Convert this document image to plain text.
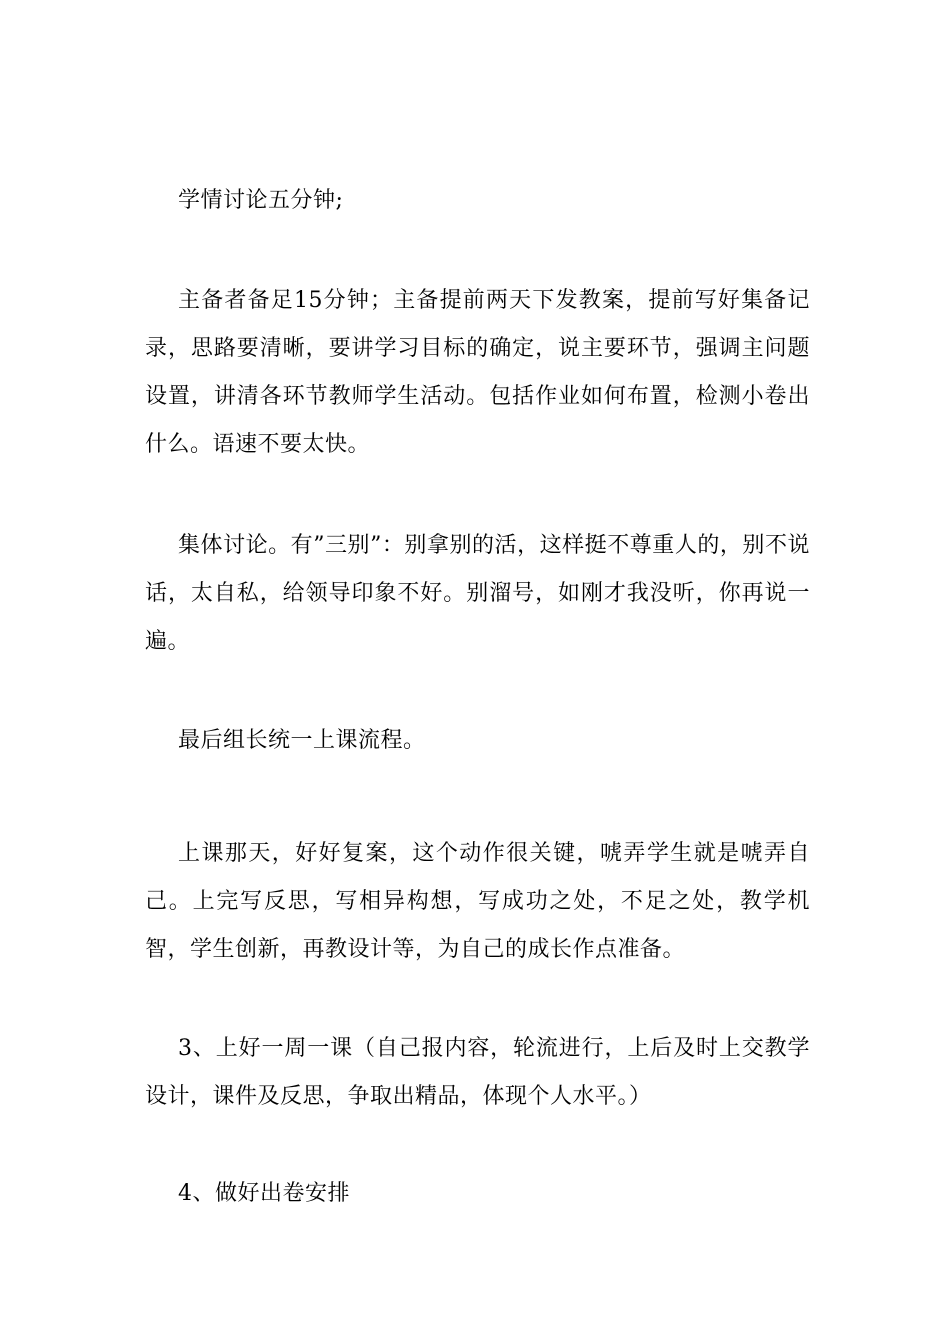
学情讨论五分钟;

主备者备足15分钟；主备提前两天下发教案，提前写好集备记录，思路要清晰，要讲学习目标的确定，说主要环节，强调主问题设置，讲清各环节教师学生活动。包括作业如何布置，检测小卷出什么。语速不要太快。

集体讨论。有”三别”：别拿别的活，这样挺不尊重人的，别不说话，太自私，给领导印象不好。别溜号，如刚才我没听，你再说一遍。

最后组长统一上课流程。

上课那天，好好复案，这个动作很关键，唬弄学生就是唬弄自己。上完写反思，写相异构想，写成功之处，不足之处，教学机智，学生创新，再教设计等，为自己的成长作点准备。

3、上好一周一课（自己报内容，轮流进行，上后及时上交教学设计，课件及反思，争取出精品，体现个人水平。）

4、做好出卷安排
